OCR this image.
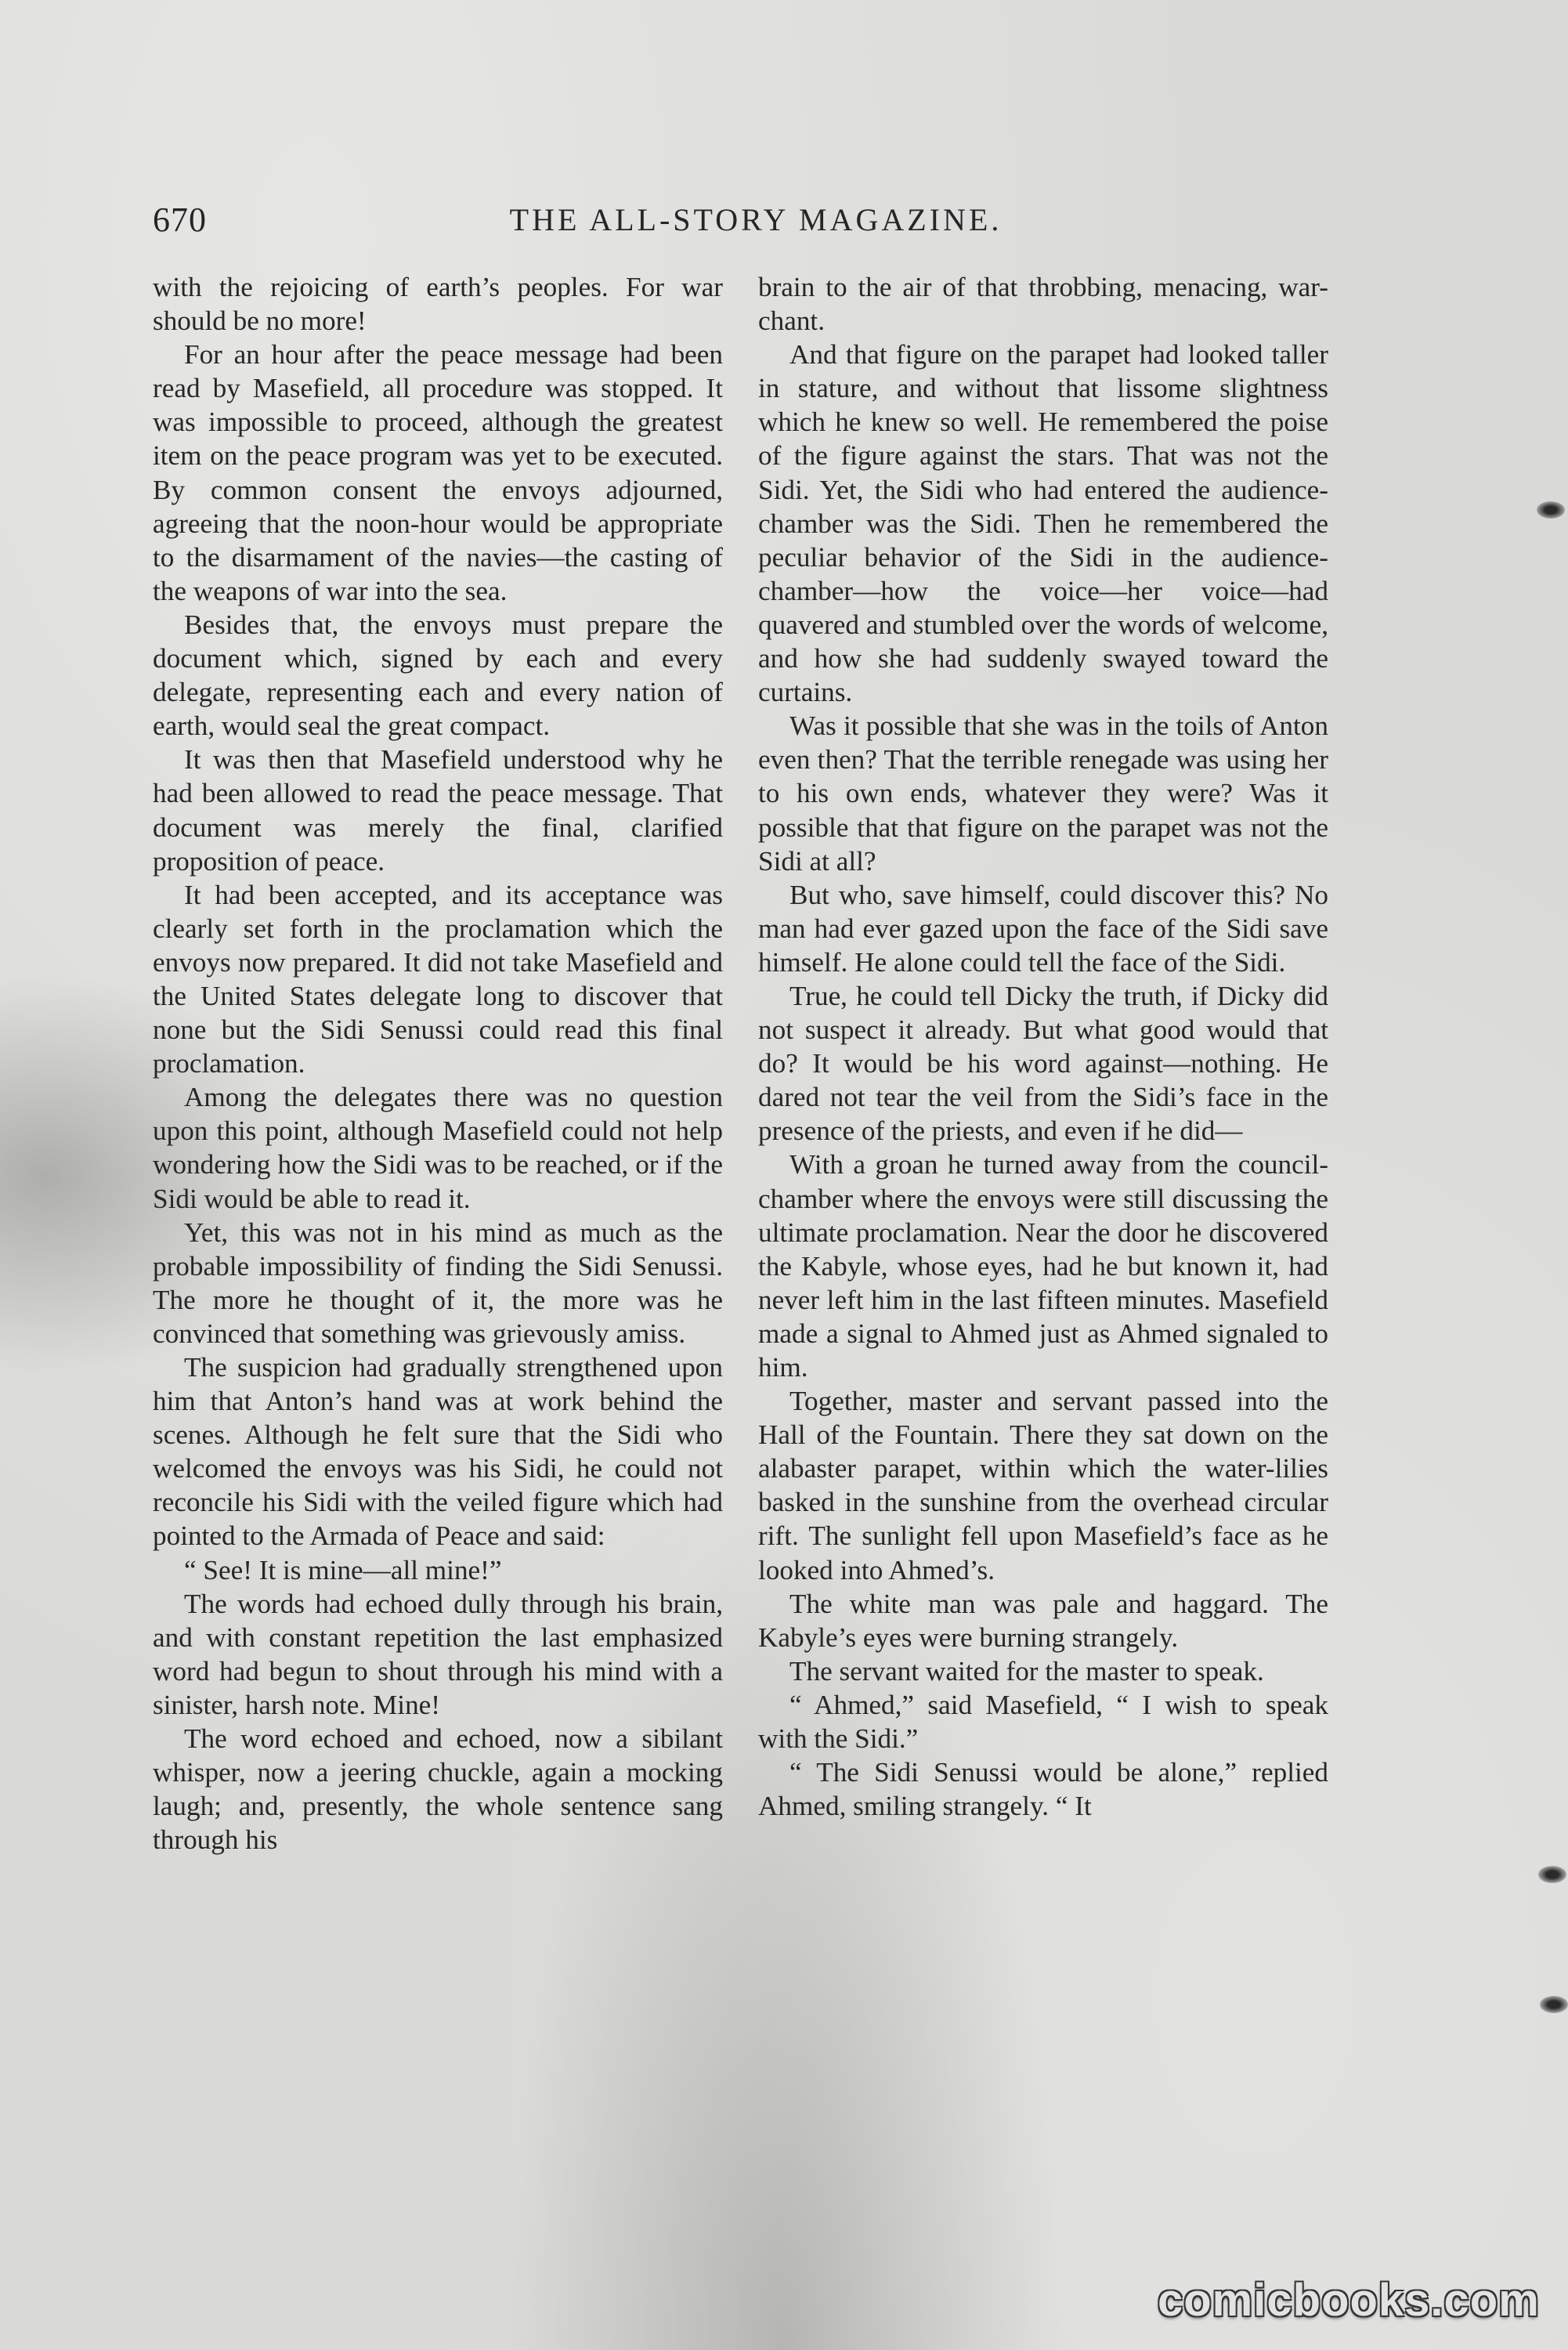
670	THE ALL-STORY MAGAZINE.

with the rejoicing of earth’s peoples. For war should be no more!

For an hour after the peace message had been read by Masefield, all procedure was stopped. It was impossible to proceed, although the greatest item on the peace program was yet to be executed. By common consent the envoys adjourned, agreeing that the noon-hour would be appropriate to the disarmament of the navies—the casting of the weapons of war into the sea.

Besides that, the envoys must prepare the document which, signed by each and every delegate, representing each and every nation of earth, would seal the great compact.

It was then that Masefield understood why he had been allowed to read the peace message. That document was merely the final, clarified proposition of peace.

It had been accepted, and its acceptance was clearly set forth in the proclamation which the envoys now prepared. It did not take Masefield and the United States delegate long to discover that none but the Sidi Senussi could read this final proclamation.

Among the delegates there was no question upon this point, although Masefield could not help wondering how the Sidi was to be reached, or if the Sidi would be able to read it.

Yet, this was not in his mind as much as the probable impossibility of finding the Sidi Senussi. The more he thought of it, the more was he convinced that something was grievously amiss.

The suspicion had gradually strengthened upon him that Anton’s hand was at work behind the scenes. Although he felt sure that the Sidi who welcomed the envoys was his Sidi, he could not reconcile his Sidi with the veiled figure which had pointed to the Armada of Peace and said:

“ See! It is mine—all mine!”

The words had echoed dully through his brain, and with constant repetition the last emphasized word had begun to shout through his mind with a sinister, harsh note. Mine!

The word echoed and echoed, now a sibilant whisper, now a jeering chuckle, again a mocking laugh; and, presently, the whole sentence sang through his

brain to the air of that throbbing, menacing, war-chant.

And that figure on the parapet had looked taller in stature, and without that lissome slightness which he knew so well. He remembered the poise of the figure against the stars. That was not the Sidi. Yet, the Sidi who had entered the audience-chamber was the Sidi. Then he remembered the peculiar behavior of the Sidi in the audience-chamber—how the voice—her voice—had quavered and stumbled over the words of welcome, and how she had suddenly swayed toward the curtains.

Was it possible that she was in the toils of Anton even then? That the terrible renegade was using her to his own ends, whatever they were? Was it possible that that figure on the parapet was not the Sidi at all?

But who, save himself, could discover this? No man had ever gazed upon the face of the Sidi save himself. He alone could tell the face of the Sidi.

True, he could tell Dicky the truth, if Dicky did not suspect it already. But what good would that do? It would be his word against—nothing. He dared not tear the veil from the Sidi’s face in the presence of the priests, and even if he did—

With a groan he turned away from the council-chamber where the envoys were still discussing the ultimate proclamation. Near the door he discovered the Kabyle, whose eyes, had he but known it, had never left him in the last fifteen minutes. Masefield made a signal to Ahmed just as Ahmed signaled to him.

Together, master and servant passed into the Hall of the Fountain. There they sat down on the alabaster parapet, within which the water-lilies basked in the sunshine from the overhead circular rift. The sunlight fell upon Masefield’s face as he looked into Ahmed’s.

The white man was pale and haggard. The Kabyle’s eyes were burning strangely.

The servant waited for the master to speak.

“ Ahmed,” said Masefield, “ I wish to speak with the Sidi.”

“ The Sidi Senussi would be alone,” replied Ahmed, smiling strangely. “ It

comicbooks.com
